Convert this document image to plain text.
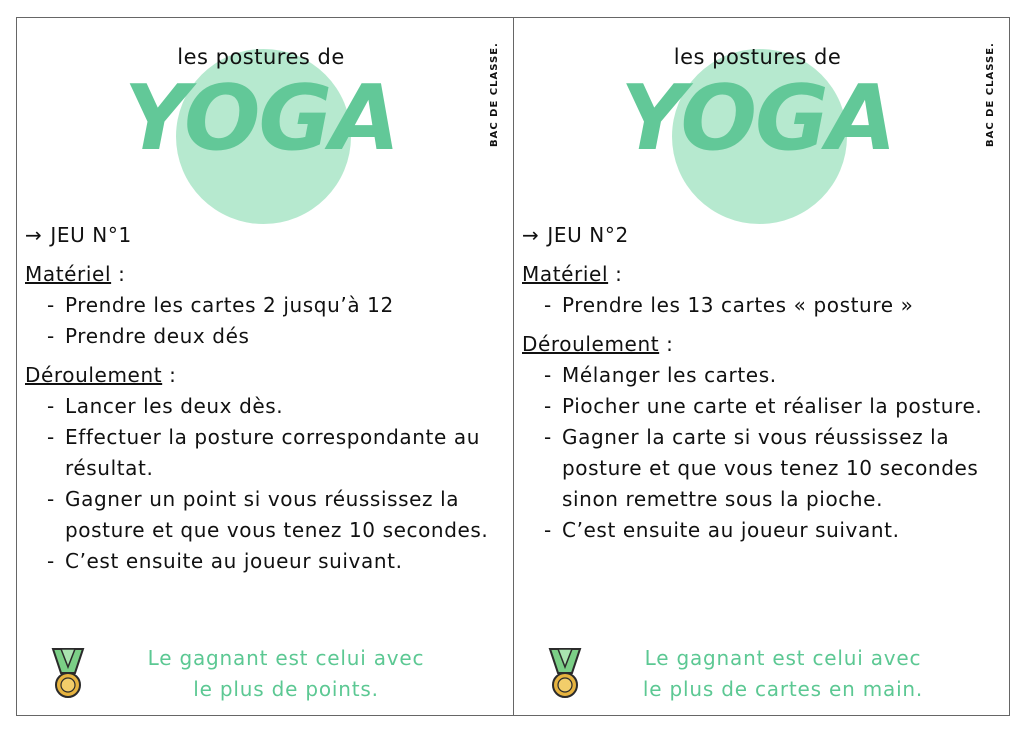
les postures de
YOGA	BAC DE CLASSE.
→ JEU N°1
Matériel :
- Prendre les cartes 2 jusqu’à 12
- Prendre deux dés
Déroulement :
- Lancer les deux dès.
- Effectuer la posture correspondante au résultat.
- Gagner un point si vous réussissez la posture et que vous tenez 10 secondes.
- C’est ensuite au joueur suivant.
Le gagnant est celui avec
le plus de points.
les postures de
YOGA	BAC DE CLASSE.
→ JEU N°2
Matériel :
- Prendre les 13 cartes « posture »
Déroulement :
- Mélanger les cartes.
- Piocher une carte et réaliser la posture.
- Gagner la carte si vous réussissez la posture et que vous tenez 10 secondes sinon remettre sous la pioche.
- C’est ensuite au joueur suivant.
Le gagnant est celui avec
le plus de cartes en main.
